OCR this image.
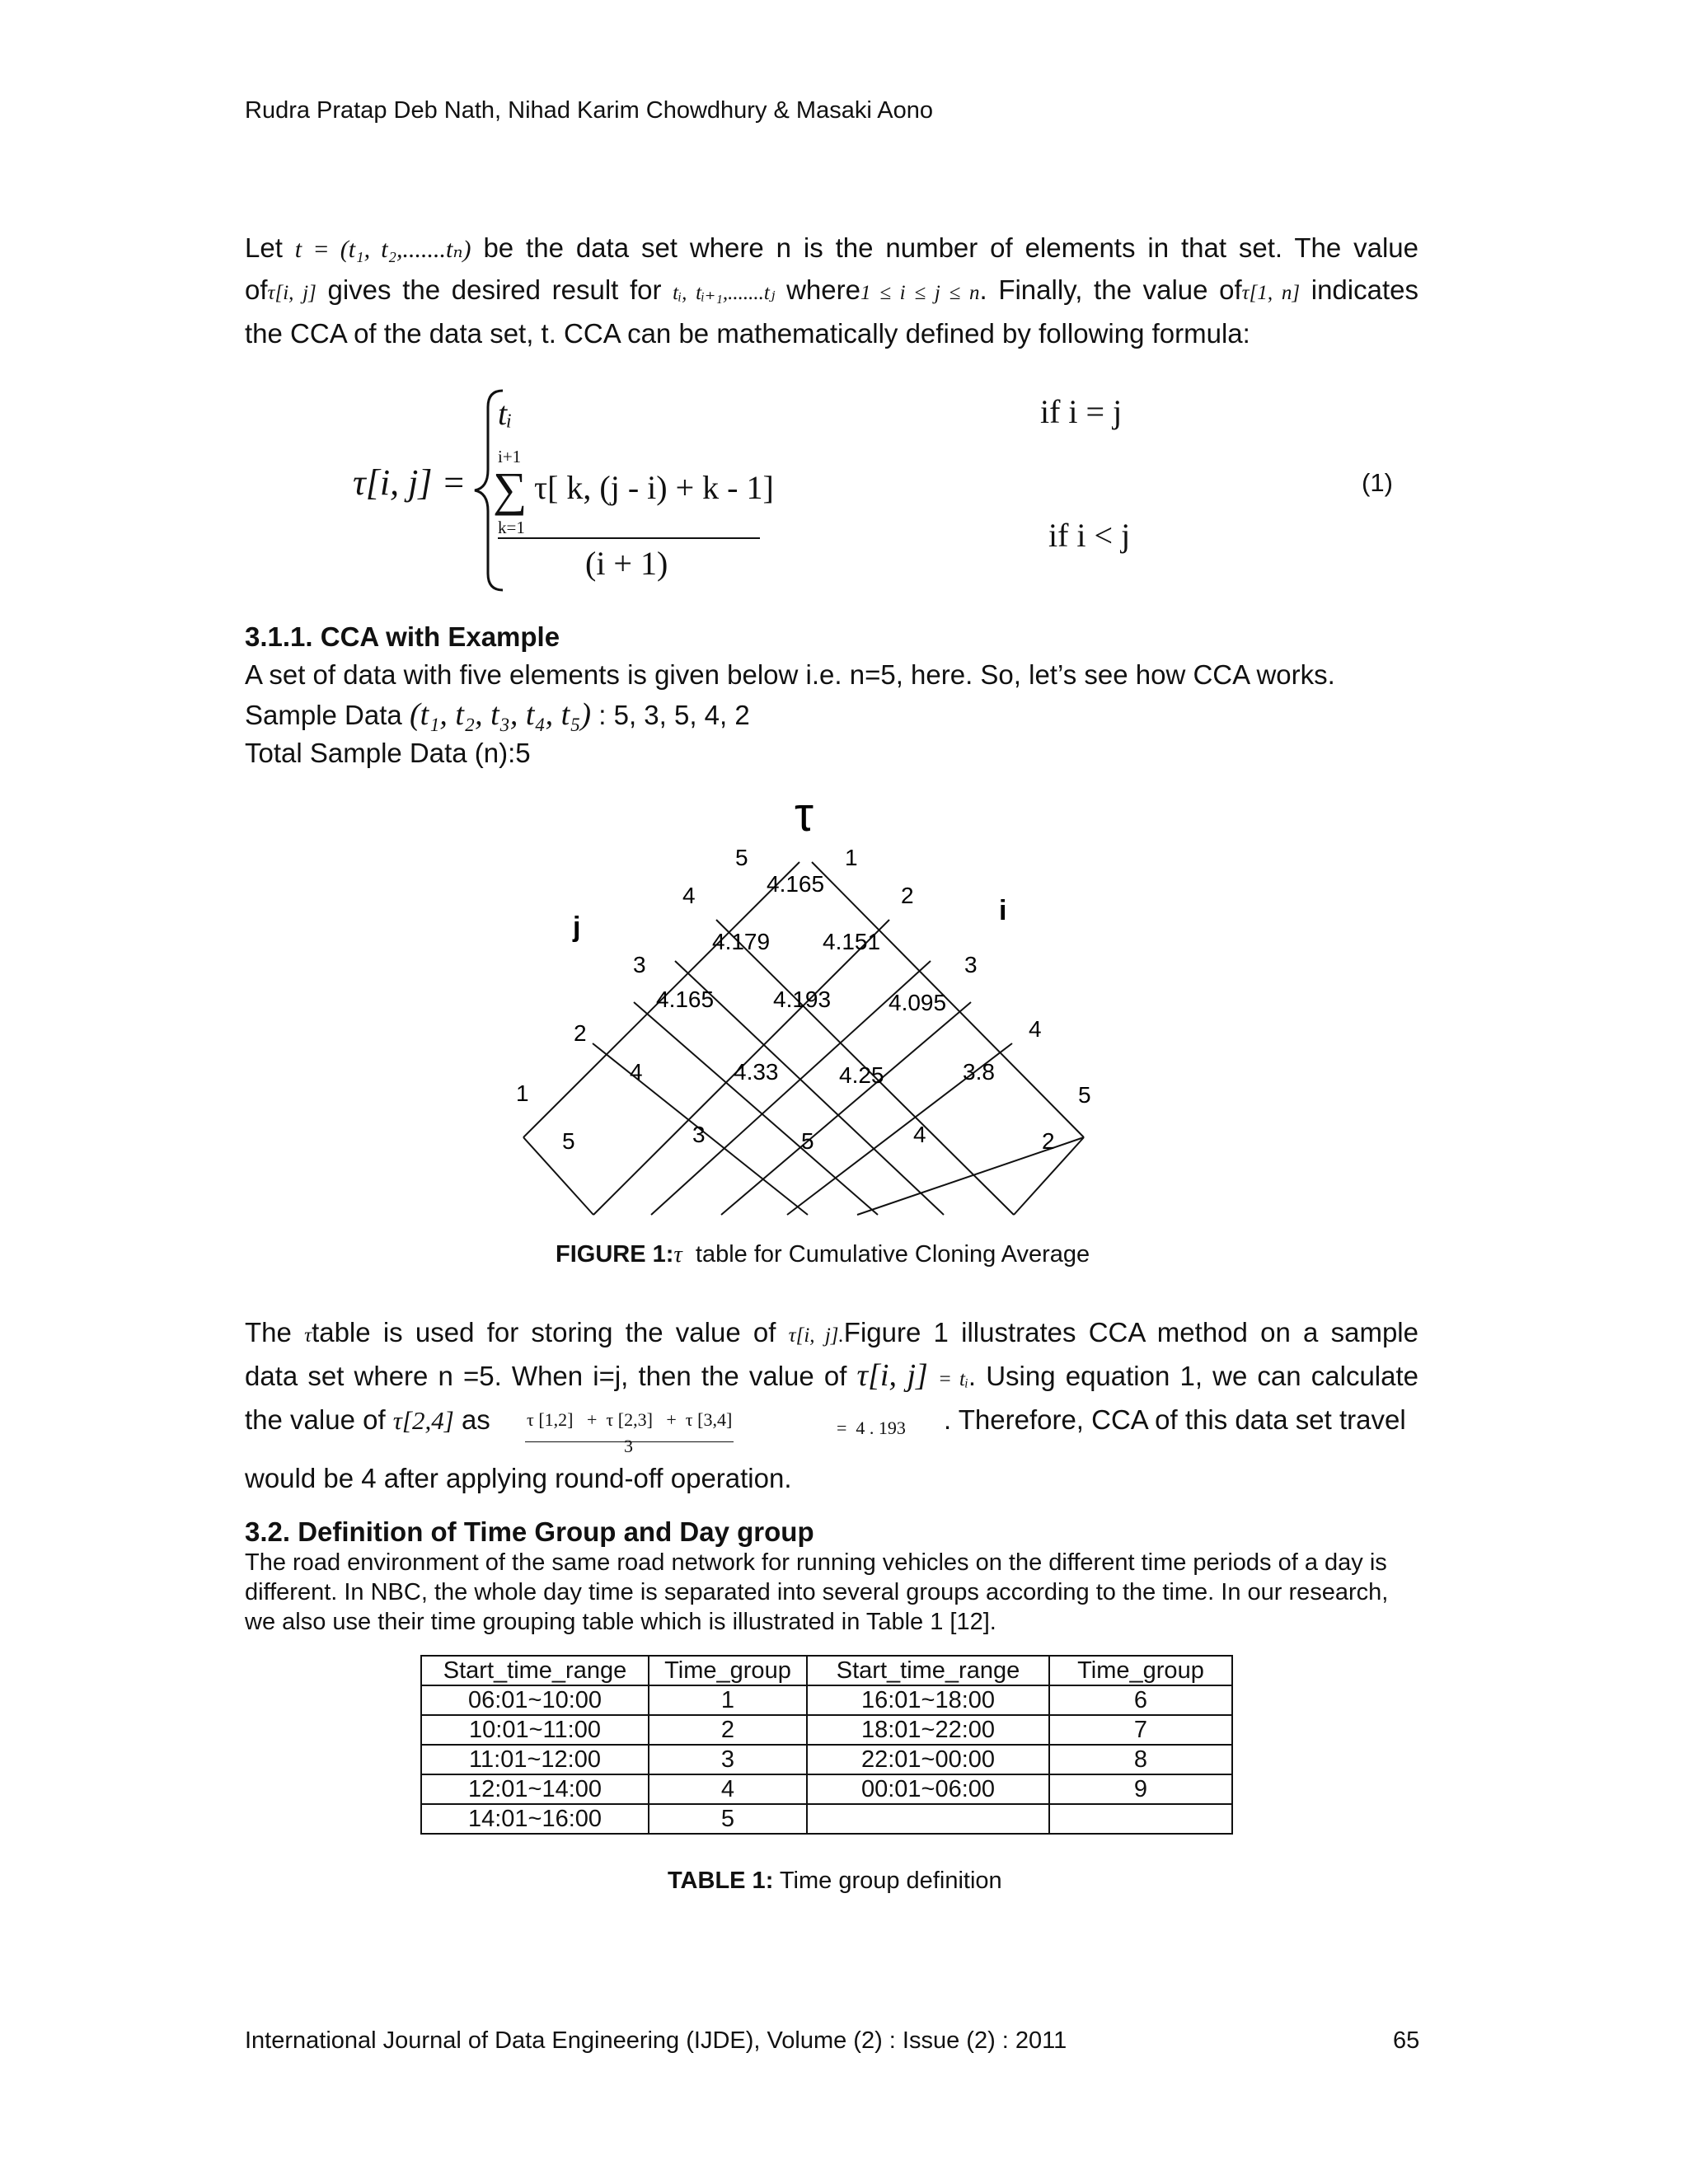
Rudra Pratap Deb Nath, Nihad Karim Chowdhury & Masaki Aono
Let t = (t₁, t₂,.......tₙ) be the data set where n is the number of elements in that set. The value
ofτ[i, j] gives the desired result for tᵢ, tᵢ₊₁,.......tⱼ where1 ≤ i ≤ j ≤ n. Finally, the value ofτ[1, n] indicates
the CCA of the data set, t. CCA can be mathematically defined by following formula:
τ[i, j] =
tᵢ	if i = j
i+1
∑ τ[ k, (j - i) + k - 1]
k=1
(i + 1)
if i < j
(1)
3.1.1. CCA with Example
A set of data with five elements is given below i.e. n=5, here. So, let’s see how CCA works.
Sample Data (t₁, t₂, t₃, t₄, t₅) : 5, 3, 5, 4, 2
Total Sample Data (n):5
τ
j
i
1
2
3
4
5	1
2
3
4
5
5	3	5	4	2
4	4.33	4.25	3.8
4.165	4.193 4.095
4.179 4.151
4.165
FIGURE 1:τ table for Cumulative Cloning Average
The τtable is used for storing the value of τ[i, j].Figure 1 illustrates CCA method on a sample
data set where n =5. When i=j, then the value of τ[i, j] = tᵢ. Using equation 1, we can calculate
the value of τ[2,4] as τ [1,2]   +  τ [2,3]   +  τ [3,4]
3
=  4 . 193 . Therefore, CCA of this data set travel
would be 4 after applying round-off operation.
3.2. Definition of Time Group and Day group
The road environment of the same road network for running vehicles on the different time periods of a day is
different. In NBC, the whole day time is separated into several groups according to the time. In our research,
we also use their time grouping table which is illustrated in Table 1 [12].
Start_time_range	Time_group	Start_time_range	Time_group
06:01~10:00	1	16:01~18:00	6
10:01~11:00	2	18:01~22:00	7
11:01~12:00	3	22:01~00:00	8
12:01~14:00	4	00:01~06:00	9
14:01~16:00	5		
TABLE 1: Time group definition
International Journal of Data Engineering (IJDE), Volume (2) : Issue (2) : 2011	65
